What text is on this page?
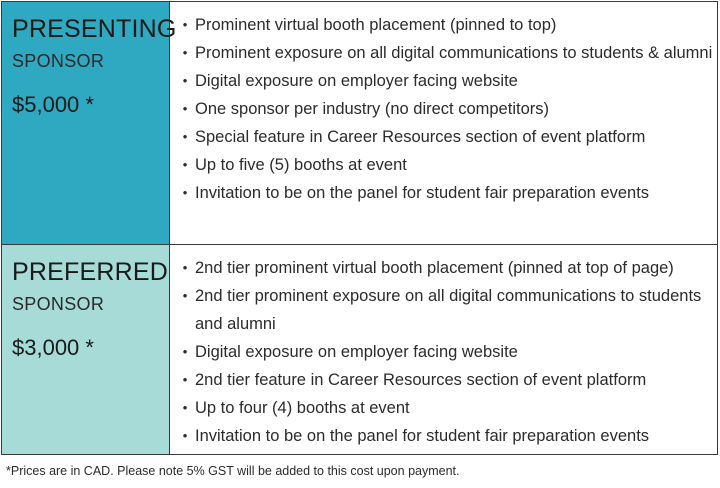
PRESENTING
SPONSOR
$5,000 *
• Prominent virtual booth placement (pinned to top)
• Prominent exposure on all digital communications to students & alumni
• Digital exposure on employer facing website
• One sponsor per industry (no direct competitors)
• Special feature in Career Resources section of event platform
• Up to five (5) booths at event
• Invitation to be on the panel for student fair preparation events
PREFERRED
SPONSOR
$3,000 *
• 2nd tier prominent virtual booth placement (pinned at top of page)
• 2nd tier prominent exposure on all digital communications to students and alumni
• Digital exposure on employer facing website
• 2nd tier feature in Career Resources section of event platform
• Up to four (4) booths at event
• Invitation to be on the panel for student fair preparation events
*Prices are in CAD. Please note 5% GST will be added to this cost upon payment.
